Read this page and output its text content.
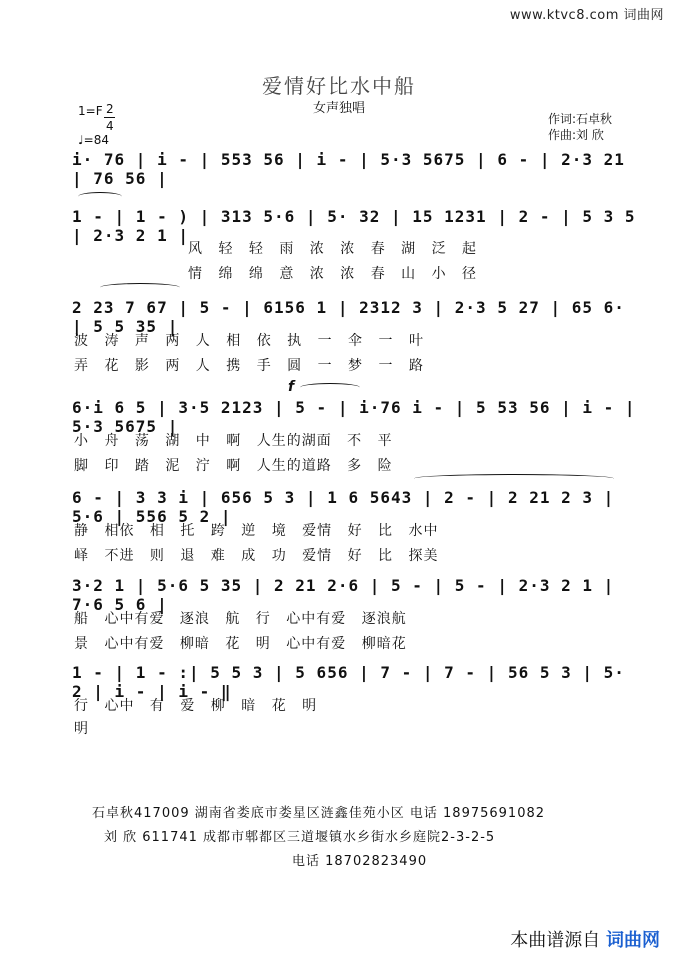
www.ktvc8.com 词曲网
爱情好比水中船
女声独唱
1=F 2
4
♩=84
作词:石卓秋
作曲:刘 欣
i· 76 | i - | 553 56 | i - | 5·3 5675 | 6 - | 2·3 21 | 76 56 |
1 - | 1 - ) | 313 5·6 | 5· 32 | 15 1231 | 2 - | 5 3 5 | 2·3 2 1 |
风 轻 轻 雨 浓 浓 春 湖 泛 起
情 绵 绵 意 浓 浓 春 山 小 径
2 23 7 67 | 5 - | 6156 1 | 2312 3 | 2·3 5 27 | 65 6· | 5 5 35 |
波 涛 声 两 人 相 依 执 一 伞 一 叶
弄 花 影 两 人 携 手 圆 一 梦 一 路
f
6·i 6 5 | 3·5 2123 | 5 - | i·76 i - | 5 53 56 | i - | 5·3 5675 |
小 舟 荡 湖 中 啊 人生的湖面 不 平
脚 印 踏 泥 泞 啊 人生的道路 多 险
6 - | 3 3 i | 656 5 3 | 1 6 5643 | 2 - | 2 21 2 3 | 5·6 | 556 5 2 |
静 相依 相 托 跨 逆 境 爱情 好 比 水中
峄 不进 则 退 难 成 功 爱情 好 比 探美
3·2 1 | 5·6 5 35 | 2 21 2·6 | 5 - | 5 - | 2·3 2 1 | 7·6 5 6 |
船 心中有爱 逐浪 航 行 心中有爱 逐浪航
景 心中有爱 柳暗 花 明 心中有爱 柳暗花
1 - | 1 - :| 5 5 3 | 5 656 | 7 - | 7 - | 56 5 3 | 5· 2 | i - | i - ‖
行 心中 有 爱 柳 暗 花 明
明
石卓秋417009 湖南省娄底市娄星区涟鑫佳苑小区 电话 18975691082
刘 欣 611741 成都市郫都区三道堰镇水乡街水乡庭院2-3-2-5
电话 18702823490
本曲谱源自 词曲网
